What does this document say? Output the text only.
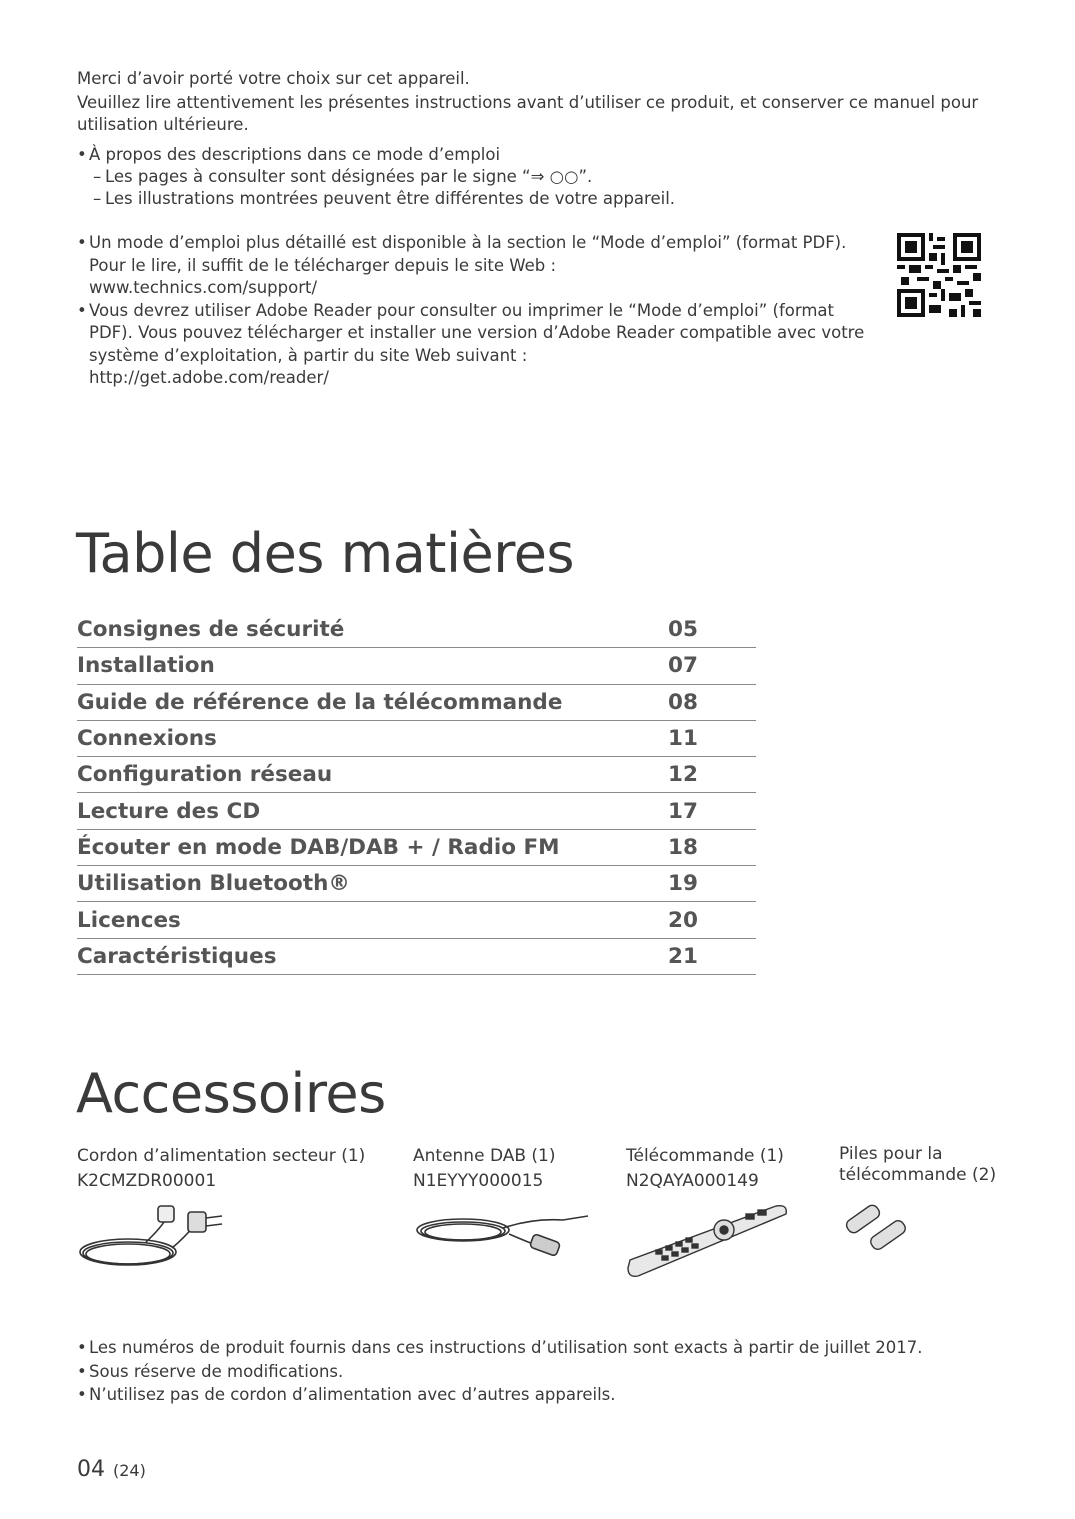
Merci d’avoir porté votre choix sur cet appareil.

Veuillez lire attentivement les présentes instructions avant d’utiliser ce produit, et conserver ce manuel pour utilisation ultérieure.

• À propos des descriptions dans ce mode d’emploi
– Les pages à consulter sont désignées par le signe “⇒ ○○”.
– Les illustrations montrées peuvent être différentes de votre appareil.
• Un mode d’emploi plus détaillé est disponible à la section le “Mode d’emploi” (format PDF).
Pour le lire, il suffit de le télécharger depuis le site Web :
www.technics.com/support/
• Vous devrez utiliser Adobe Reader pour consulter ou imprimer le “Mode d’emploi” (format PDF). Vous pouvez télécharger et installer une version d’Adobe Reader compatible avec votre système d’exploitation, à partir du site Web suivant :
http://get.adobe.com/reader/
Table des matières
Consignes de sécurité	05
Installation	07
Guide de référence de la télécommande	08
Connexions	11
Configuration réseau	12
Lecture des CD	17
Écouter en mode DAB/DAB + / Radio FM	18
Utilisation Bluetooth®	19
Licences	20
Caractéristiques	21
Accessoires
Cordon d’alimentation secteur (1)
K2CMZDR00001
Antenne DAB (1)
N1EYYY000015
Télécommande (1)
N2QAYA000149
Piles pour la télécommande (2)
• Les numéros de produit fournis dans ces instructions d’utilisation sont exacts à partir de juillet 2017.
• Sous réserve de modifications.
• N’utilisez pas de cordon d’alimentation avec d’autres appareils.
04 (24)
